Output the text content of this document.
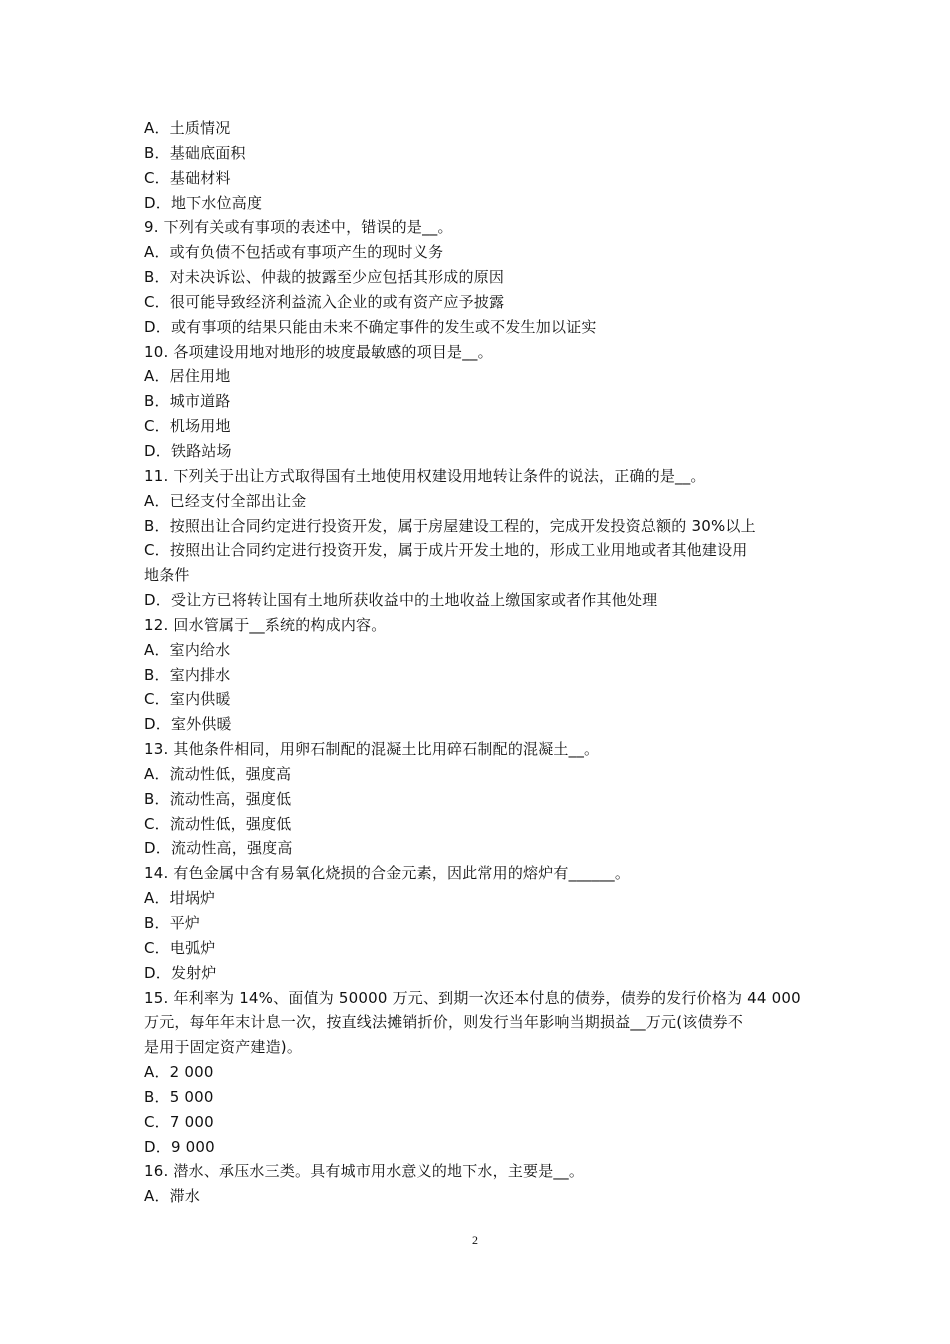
A．土质情况
B．基础底面积
C．基础材料
D．地下水位高度
9. 下列有关或有事项的表述中，错误的是__。
A．或有负债不包括或有事项产生的现时义务
B．对未决诉讼、仲裁的披露至少应包括其形成的原因
C．很可能导致经济利益流入企业的或有资产应予披露
D．或有事项的结果只能由未来不确定事件的发生或不发生加以证实
10. 各项建设用地对地形的坡度最敏感的项目是__。
A．居住用地
B．城市道路
C．机场用地
D．铁路站场
11. 下列关于出让方式取得国有土地使用权建设用地转让条件的说法，正确的是__。
A．已经支付全部出让金
B．按照出让合同约定进行投资开发，属于房屋建设工程的，完成开发投资总额的 30%以上
C．按照出让合同约定进行投资开发，属于成片开发土地的，形成工业用地或者其他建设用
地条件
D．受让方已将转让国有土地所获收益中的土地收益上缴国家或者作其他处理
12. 回水管属于__系统的构成内容。
A．室内给水
B．室内排水
C．室内供暖
D．室外供暖
13. 其他条件相同，用卵石制配的混凝土比用碎石制配的混凝土__。
A．流动性低，强度高
B．流动性高，强度低
C．流动性低，强度低
D．流动性高，强度高
14. 有色金属中含有易氧化烧损的合金元素，因此常用的熔炉有______。
A．坩埚炉
B．平炉
C．电弧炉
D．发射炉
15. 年利率为 14%、面值为 50000 万元、到期一次还本付息的债券，债券的发行价格为 44 000
万元，每年年末计息一次，按直线法摊销折价，则发行当年影响当期损益__万元(该债券不
是用于固定资产建造)。
A．2 000
B．5 000
C．7 000
D．9 000
16. 潜水、承压水三类。具有城市用水意义的地下水，主要是__。
A．滞水
2
